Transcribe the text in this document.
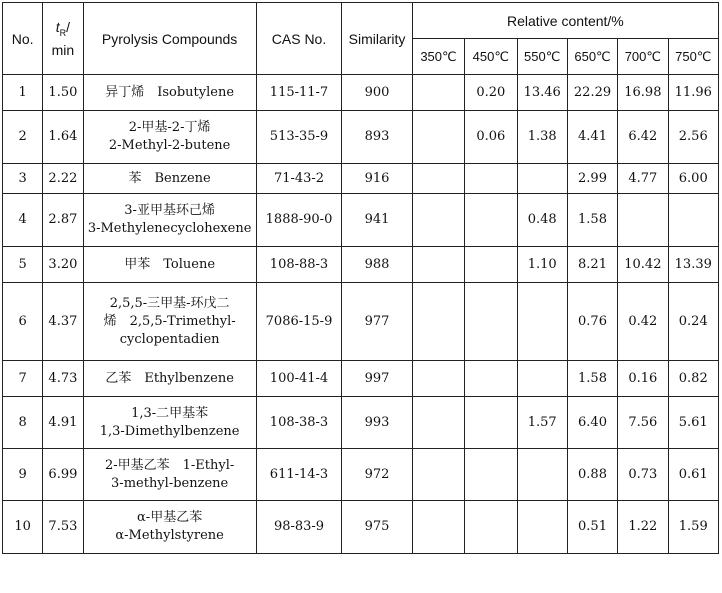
No.	$t_R/$
min	Pyrolysis Compounds	CAS No.	Similarity	Relative content/%					
					350℃	450℃	550℃	650℃	700℃	750℃
1	1.50	异丁烯　Isobutylene	115-11-7	900		0.20	13.46	22.29	16.98	11.96
2	1.64	2-甲基-2-丁烯
2-Methyl-2-butene	513-35-9	893		0.06	1.38	4.41	6.42	2.56
3	2.22	苯　Benzene	71-43-2	916				2.99	4.77	6.00
4	2.87	3-亚甲基环己烯
3-Methylenecyclohexene	1888-90-0	941			0.48	1.58		
5	3.20	甲苯　Toluene	108-88-3	988			1.10	8.21	10.42	13.39
6	4.37	2,5,5-三甲基-环戊二
烯　2,5,5-Trimethyl-
cyclopentadien	7086-15-9	977				0.76	0.42	0.24
7	4.73	乙苯　Ethylbenzene	100-41-4	997				1.58	0.16	0.82
8	4.91	1,3-二甲基苯
1,3-Dimethylbenzene	108-38-3	993			1.57	6.40	7.56	5.61
9	6.99	2-甲基乙苯　1-Ethyl-
3-methyl-benzene	611-14-3	972				0.88	0.73	0.61
10	7.53	α-甲基乙苯
α-Methylstyrene	98-83-9	975				0.51	1.22	1.59
